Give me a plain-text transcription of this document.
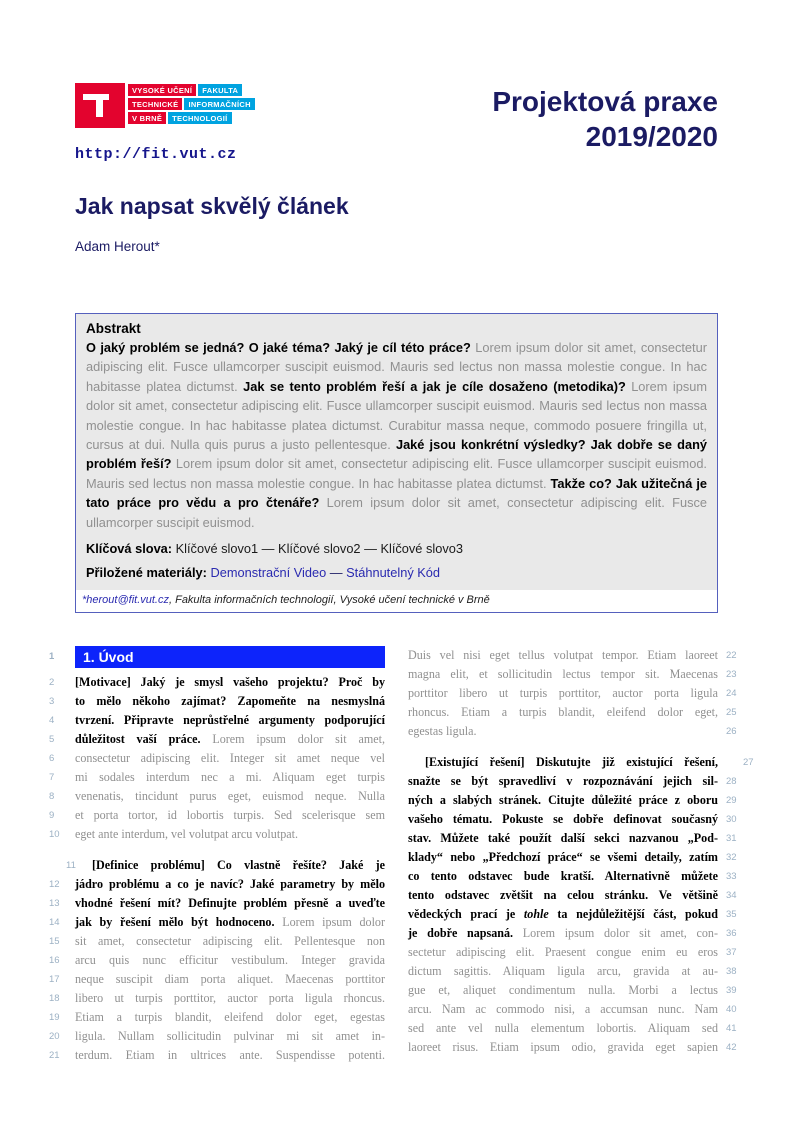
VYSOKÉ UČENÍ	FAKULTA
TECHNICKÉ	INFORMAČNÍCH
V BRNĚ	TECHNOLOGIÍ
http://fit.vut.cz
Projektová praxe
2019/2020
Jak napsat skvělý článek
Adam Herout*

Abstrakt

O jaký problém se jedná? O jaké téma? Jaký je cíl této práce? Lorem ipsum dolor sit amet, consectetur adipiscing elit. Fusce ullamcorper suscipit euismod. Mauris sed lectus non massa molestie congue. In hac habitasse platea dictumst. Jak se tento problém řeší a jak je cíle dosaženo (metodika)? Lorem ipsum dolor sit amet, consectetur adipiscing elit. Fusce ullamcorper suscipit euismod. Mauris sed lectus non massa molestie congue. In hac habitasse platea dictumst. Curabitur massa neque, commodo posuere fringilla ut, cursus at dui. Nulla quis purus a justo pellentesque. Jaké jsou konkrétní výsledky? Jak dobře se daný problém řeší? Lorem ipsum dolor sit amet, consectetur adipiscing elit. Fusce ullamcorper suscipit euismod. Mauris sed lectus non massa molestie congue. In hac habitasse platea dictumst. Takže co? Jak užitečná je tato práce pro vědu a pro čtenáře? Lorem ipsum dolor sit amet, consectetur adipiscing elit. Fusce ullamcorper suscipit euismod.

Klíčová slova: Klíčové slovo1 — Klíčové slovo2 — Klíčové slovo3

Přiložené materiály: Demonstrační Video — Stáhnutelný Kód

*herout@fit.vut.cz, Fakulta informačních technologií, Vysoké učení technické v Brně
1. Úvod
1
[Motivace] Jaký je smysl vašeho projektu? Proč by
2
to mělo někoho zajímat? Zapomeňte na nesmyslná
3
tvrzení. Připravte neprůstřelné argumenty podporující
4
důležitost vaší práce. Lorem ipsum dolor sit amet,
5
consectetur adipiscing elit. Integer sit amet neque vel
6
mi sodales interdum nec a mi. Aliquam eget turpis
7
venenatis, tincidunt purus eget, euismod neque. Nulla
8
et porta tortor, id lobortis turpis. Sed scelerisque sem
9
eget ante interdum, vel volutpat arcu volutpat.
10
[Definice problému] Co vlastně řešíte? Jaké je
11
jádro problému a co je navíc? Jaké parametry by mělo
12
vhodné řešení mít? Definujte problém přesně a uveďte
13
jak by řešení mělo být hodnoceno. Lorem ipsum dolor
14
sit amet, consectetur adipiscing elit. Pellentesque non
15
arcu quis nunc efficitur vestibulum. Integer gravida
16
neque suscipit diam porta aliquet. Maecenas porttitor
17
libero ut turpis porttitor, auctor porta ligula rhoncus.
18
Etiam a turpis blandit, eleifend dolor eget, egestas
19
ligula. Nullam sollicitudin pulvinar mi sit amet in-
20
terdum. Etiam in ultrices ante. Suspendisse potenti.
21
Duis vel nisi eget tellus volutpat tempor. Etiam laoreet 22
magna elit, et sollicitudin lectus tempor sit. Maecenas 23
porttitor libero ut turpis porttitor, auctor porta ligula 24
rhoncus. Etiam a turpis blandit, eleifend dolor eget, 25
egestas ligula.	26
[Existující řešení] Diskutujte již existující řešení,	27
snažte se být spravedliví v rozpoznávání jejich sil- 28
ných a slabých stránek. Citujte důležité práce z oboru 29
vašeho tématu. Pokuste se dobře definovat současný 30
stav. Můžete také použít další sekci nazvanou „Pod- 31
klady“ nebo „Předchozí práce“ se všemi detaily, zatím 32
co tento odstavec bude kratší. Alternativně můžete 33
tento odstavec zvětšit na celou stránku. Ve většině 34
vědeckých prací je tohle ta nejdůležitější část, pokud 35
je dobře napsaná. Lorem ipsum dolor sit amet, con- 36
sectetur adipiscing elit. Praesent congue enim eu eros 37
dictum sagittis. Aliquam ligula arcu, gravida at au- 38
gue et, aliquet condimentum nulla. Morbi a lectus 39
arcu. Nam ac commodo nisi, a accumsan nunc. Nam 40
sed ante vel nulla elementum lobortis. Aliquam sed 41
laoreet risus. Etiam ipsum odio, gravida eget sapien 42
